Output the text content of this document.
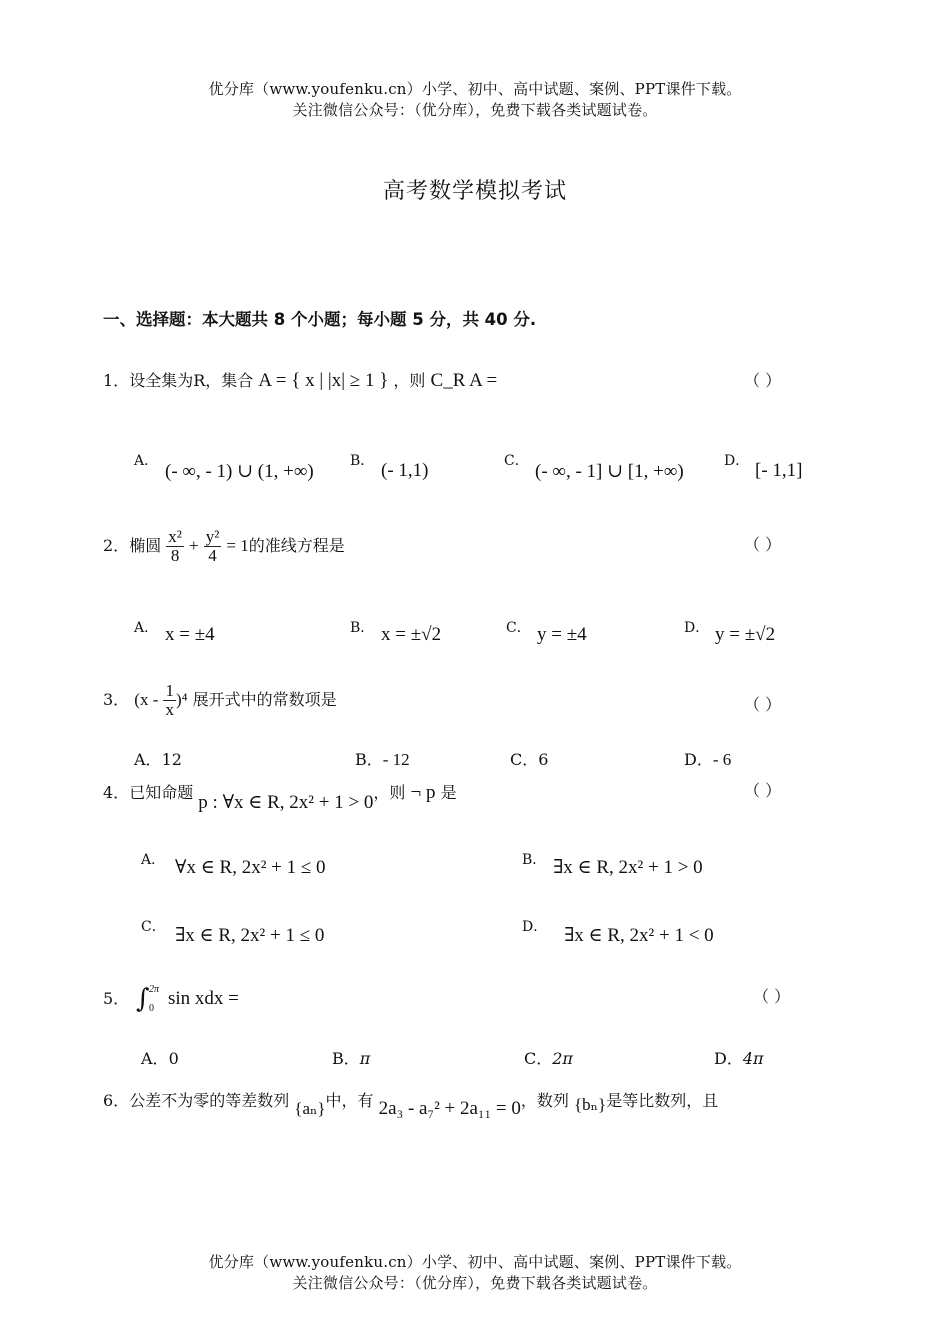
优分库（www.youfenku.cn）小学、初中、高中试题、案例、PPT课件下载。
关注微信公众号：（优分库），免费下载各类试题试卷。
高考数学模拟考试
一、选择题：本大题共 8 个小题；每小题 5 分，共 40 分.
1．设全集为R，集合 A = { x | |x| ≥ 1 } ，则 C_R A =	（ ）
A． (- ∞, - 1) ∪ (1, +∞)	B． (- 1,1)	C． (- ∞, - 1] ∪ [1, +∞)	D． [- 1,1]
2．椭圆 $\frac{\text{x²}}{8} + \frac{\text{y²}}{4} = 1$的准线方程是	（ ）
A． x = ±4	B． x = ±√2	C． y = ±4	D． y = ±√2
3． $(x - \frac{1}{x} )^4$ 展开式中的常数项是	（ ）
A．12	B．- 12	C．6	D．- 6
4．已知命题 p : ∀x ∈ R, 2x² + 1 > 0，则 ¬ p 是	（ ）
A． ∀x ∈ R, 2x² + 1 ≤ 0	B． ∃x ∈ R, 2x² + 1 > 0
C． ∃x ∈ R, 2x² + 1 ≤ 0	D． ∃x ∈ R, 2x² + 1 < 0
5． ∫ 2π
0 sin xdx =	（ ）
A．0	B．π	C．2π	D．4π
6．公差不为零的等差数列 {aₙ}中，有 2a₃ - a₇² + 2a₁₁ = 0，数列 {bₙ}是等比数列，且
优分库（www.youfenku.cn）小学、初中、高中试题、案例、PPT课件下载。
关注微信公众号：（优分库），免费下载各类试题试卷。
